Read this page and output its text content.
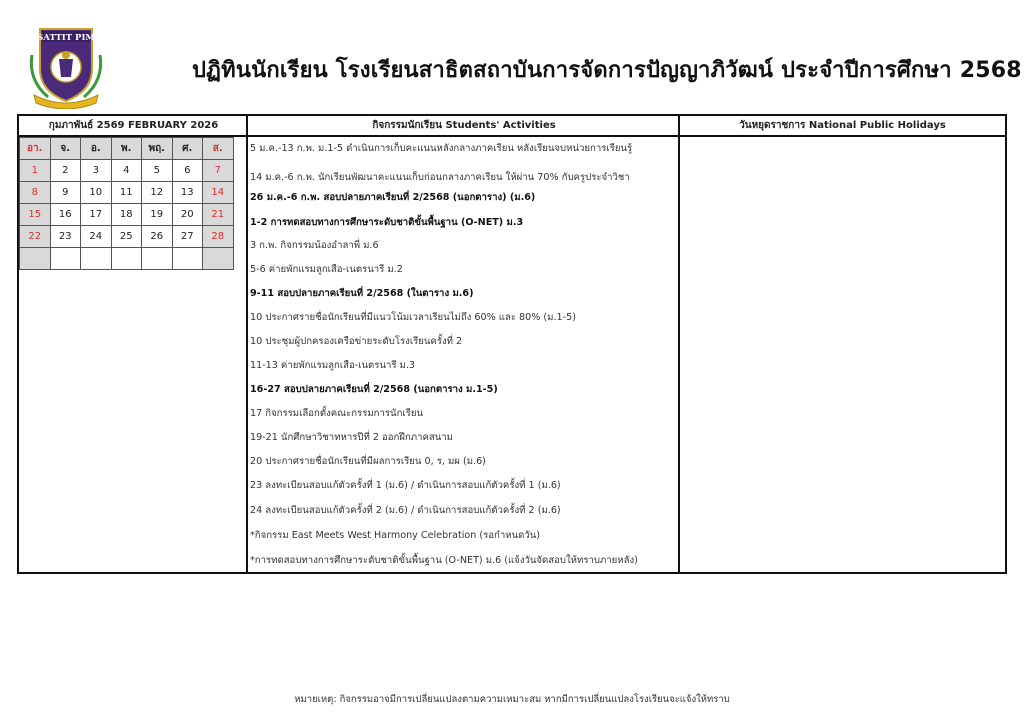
SATTIT PIM
ปฏิทินนักเรียน โรงเรียนสาธิตสถาบันการจัดการปัญญาภิวัฒน์ ประจำปีการศึกษา 2568
กุมภาพันธ์ 2569 FEBRUARY 2026	กิจกรรมนักเรียน Students' Activities	วันหยุดราชการ National Public Holidays
อา.	จ.	อ.	พ.	พฤ.	ศ.	ส.
1	2	3	4	5	6	7
8	9	10	11	12	13	14
15	16	17	18	19	20	21
22	23	24	25	26	27	28

5 ม.ค.-13 ก.พ. ม.1-5 ดำเนินการเก็บคะแนนหลังกลางภาคเรียน หลังเรียนจบหน่วยการเรียนรู้
14 ม.ค.-6 ก.พ. นักเรียนพัฒนาคะแนนเก็บก่อนกลางภาคเรียน ให้ผ่าน 70% กับครูประจำวิชา
26 ม.ค.-6 ก.พ. สอบปลายภาคเรียนที่ 2/2568 (นอกตาราง) (ม.6)
1-2 การทดสอบทางการศึกษาระดับชาติขั้นพื้นฐาน (O-NET) ม.3
3 ก.พ. กิจกรรมน้องอำลาพี่ ม.6
5-6 ค่ายพักแรมลูกเสือ-เนตรนารี ม.2
9-11 สอบปลายภาคเรียนที่ 2/2568 (ในตาราง ม.6)
10 ประกาศรายชื่อนักเรียนที่มีแนวโน้มเวลาเรียนไม่ถึง 60% และ 80% (ม.1-5)
10 ประชุมผู้ปกครองเครือข่ายระดับโรงเรียนครั้งที่ 2
11-13 ค่ายพักแรมลูกเสือ-เนตรนารี ม.3
16-27 สอบปลายภาคเรียนที่ 2/2568 (นอกตาราง ม.1-5)
17 กิจกรรมเลือกตั้งคณะกรรมการนักเรียน
19-21 นักศึกษาวิชาทหารปีที่ 2 ออกฝึกภาคสนาม
20 ประกาศรายชื่อนักเรียนที่มีผลการเรียน 0, ร, มผ (ม.6)
23 ลงทะเบียนสอบแก้ตัวครั้งที่ 1 (ม.6) / ดำเนินการสอบแก้ตัวครั้งที่ 1 (ม.6)
24 ลงทะเบียนสอบแก้ตัวครั้งที่ 2 (ม.6) / ดำเนินการสอบแก้ตัวครั้งที่ 2 (ม.6)
*กิจกรรม East Meets West Harmony Celebration (รอกำหนดวัน)
*การทดสอบทางการศึกษาระดับชาติขั้นพื้นฐาน (O-NET) ม.6 (แจ้งวันจัดสอบให้ทราบภายหลัง)
หมายเหตุ: กิจกรรมอาจมีการเปลี่ยนแปลงตามความเหมาะสม หากมีการเปลี่ยนแปลงโรงเรียนจะแจ้งให้ทราบ
